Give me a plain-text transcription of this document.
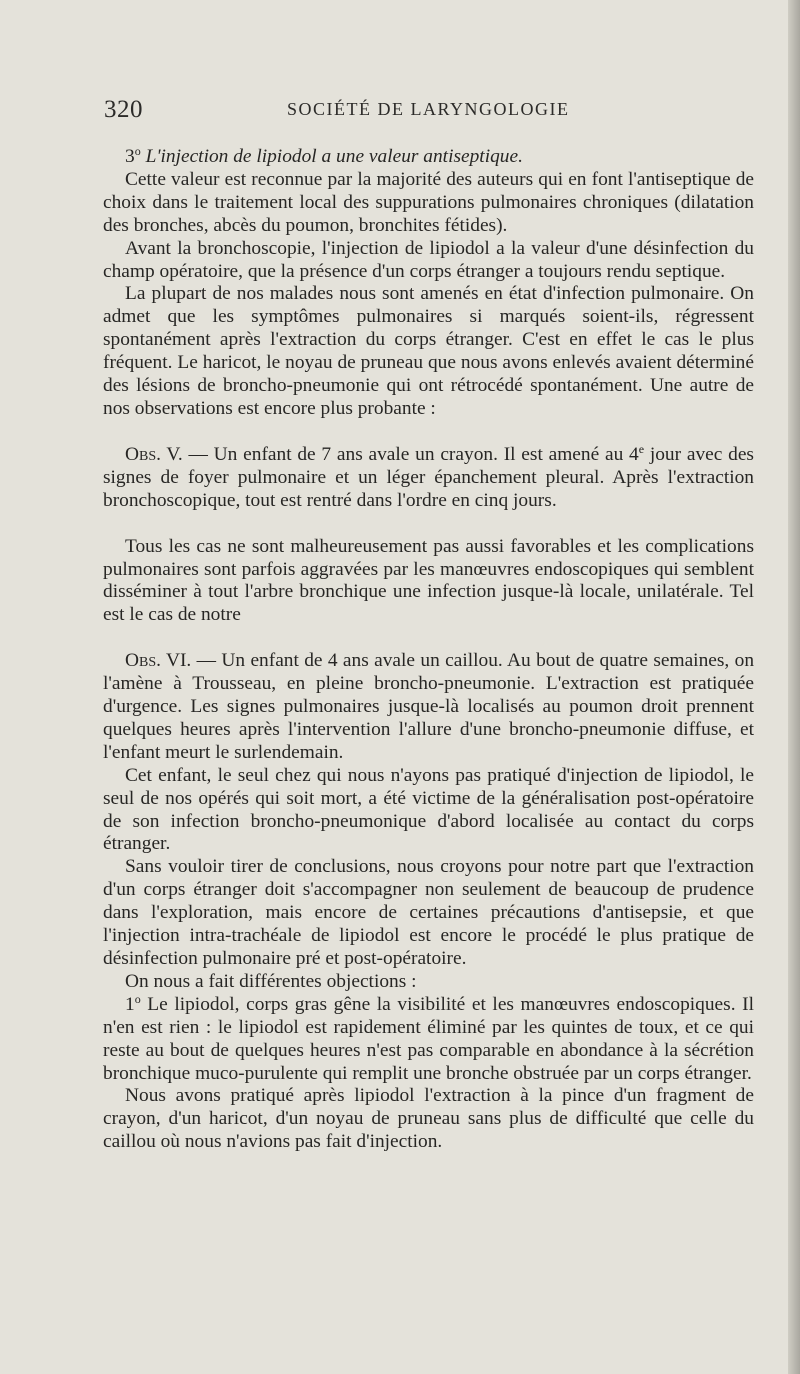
320	SOCIÉTÉ DE LARYNGOLOGIE

3$^o$ L'injection de lipiodol a une valeur antiseptique.

Cette valeur est reconnue par la majorité des auteurs qui en font l'antiseptique de choix dans le traitement local des suppurations pulmonaires chroniques (dilatation des bronches, abcès du poumon, bronchites fétides).

Avant la bronchoscopie, l'injection de lipiodol a la valeur d'une désinfection du champ opératoire, que la présence d'un corps étranger a toujours rendu septique.

La plupart de nos malades nous sont amenés en état d'infection pulmonaire. On admet que les symptômes pulmonaires si marqués soient-ils, régressent spontanément après l'extraction du corps étranger. C'est en effet le cas le plus fréquent. Le haricot, le noyau de pruneau que nous avons enlevés avaient déterminé des lésions de broncho-pneumonie qui ont rétrocédé spontanément. Une autre de nos observations est encore plus probante :

Obs. V. — Un enfant de 7 ans avale un crayon. Il est amené au 4e jour avec des signes de foyer pulmonaire et un léger épanchement pleural. Après l'extraction bronchoscopique, tout est rentré dans l'ordre en cinq jours.

Tous les cas ne sont malheureusement pas aussi favorables et les complications pulmonaires sont parfois aggravées par les manœuvres endoscopiques qui semblent disséminer à tout l'arbre bronchique une infection jusque-là locale, unilatérale. Tel est le cas de notre

Obs. VI. — Un enfant de 4 ans avale un caillou. Au bout de quatre semaines, on l'amène à Trousseau, en pleine broncho-pneumonie. L'extraction est pratiquée d'urgence. Les signes pulmonaires jusque-là localisés au poumon droit prennent quelques heures après l'intervention l'allure d'une broncho-pneumonie diffuse, et l'enfant meurt le surlendemain.

Cet enfant, le seul chez qui nous n'ayons pas pratiqué d'injection de lipiodol, le seul de nos opérés qui soit mort, a été victime de la généralisation post-opératoire de son infection broncho-pneumonique d'abord localisée au contact du corps étranger.

Sans vouloir tirer de conclusions, nous croyons pour notre part que l'extraction d'un corps étranger doit s'accompagner non seulement de beaucoup de prudence dans l'exploration, mais encore de certaines précautions d'antisepsie, et que l'injection intra-trachéale de lipiodol est encore le procédé le plus pratique de désinfection pulmonaire pré et post-opératoire.

On nous a fait différentes objections :

1$^o$ Le lipiodol, corps gras gêne la visibilité et les manœuvres endoscopiques. Il n'en est rien : le lipiodol est rapidement éliminé par les quintes de toux, et ce qui reste au bout de quelques heures n'est pas comparable en abondance à la sécrétion bronchique muco-purulente qui remplit une bronche obstruée par un corps étranger.

Nous avons pratiqué après lipiodol l'extraction à la pince d'un fragment de crayon, d'un haricot, d'un noyau de pruneau sans plus de difficulté que celle du caillou où nous n'avions pas fait d'injection.
